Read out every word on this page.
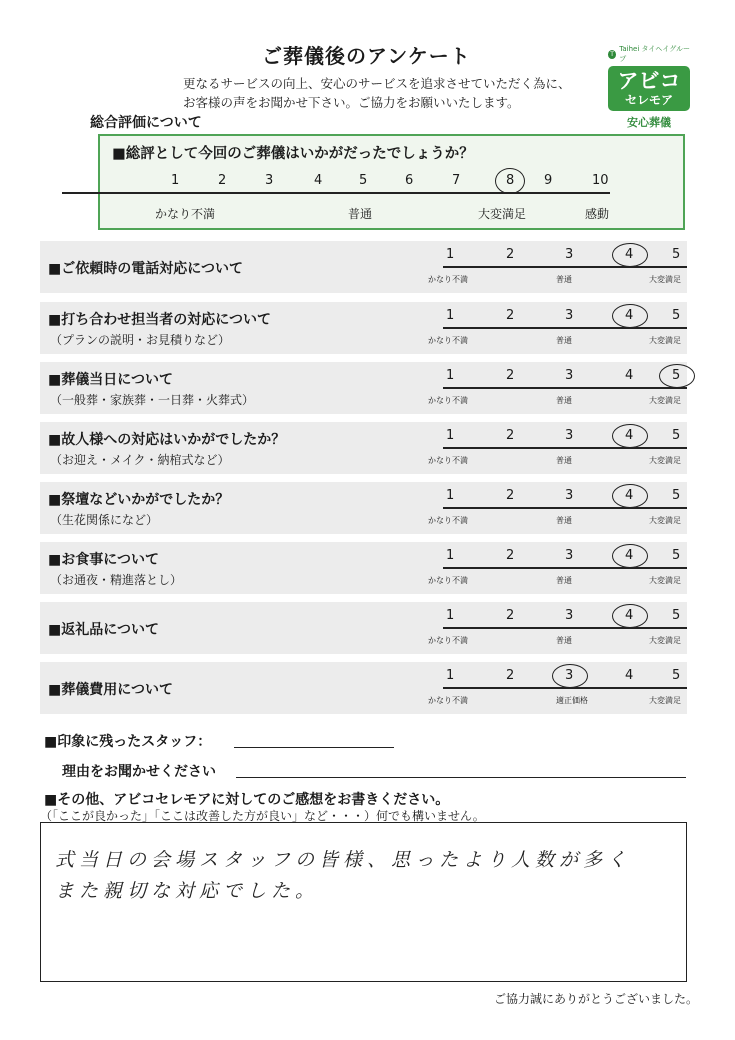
ご葬儀後のアンケート
更なるサービスの向上、安心のサービスを追求させていただく為に、
お客様の声をお聞かせ下さい。ご協力をお願いいたします。
T
Taihei タイヘイグループ
アビコ
セレモア
安心葬儀
総合評価について
■総評として今回のご葬儀はいかがだったでしょうか？
1	2	3	4	5	6	7	8 9	10
かなり不満	普通	大変満足	感動
■ご依頼時の電話対応について
1	2	3	4	5
かなり不満	普通	大変満足
■打ち合わせ担当者の対応について
（プランの説明・お見積りなど）
1	2	3	4	5
かなり不満	普通	大変満足
■葬儀当日について
（一般葬・家族葬・一日葬・火葬式）
1	2	3	4	5
かなり不満	普通	大変満足
■故人様への対応はいかがでしたか？
（お迎え・メイク・納棺式など）
1	2	3	4	5
かなり不満	普通	大変満足
■祭壇などいかがでしたか？
（生花関係になど）
1	2	3	4	5
かなり不満	普通	大変満足
■お食事について
（お通夜・精進落とし）
1	2	3	4	5
かなり不満	普通	大変満足
■返礼品について
1	2	3	4	5
かなり不満	普通	大変満足
■葬儀費用について
1	2	3	4	5
かなり不満	適正価格	大変満足
■印象に残ったスタッフ：
理由をお聞かせください
■その他、アビコセレモアに対してのご感想をお書きください。
（「ここが良かった」「ここは改善した方が良い」など・・・）何でも構いません。
式当日の会場スタッフの皆様、思ったより人数が多く
また親切な対応でした。
ご協力誠にありがとうございました。
